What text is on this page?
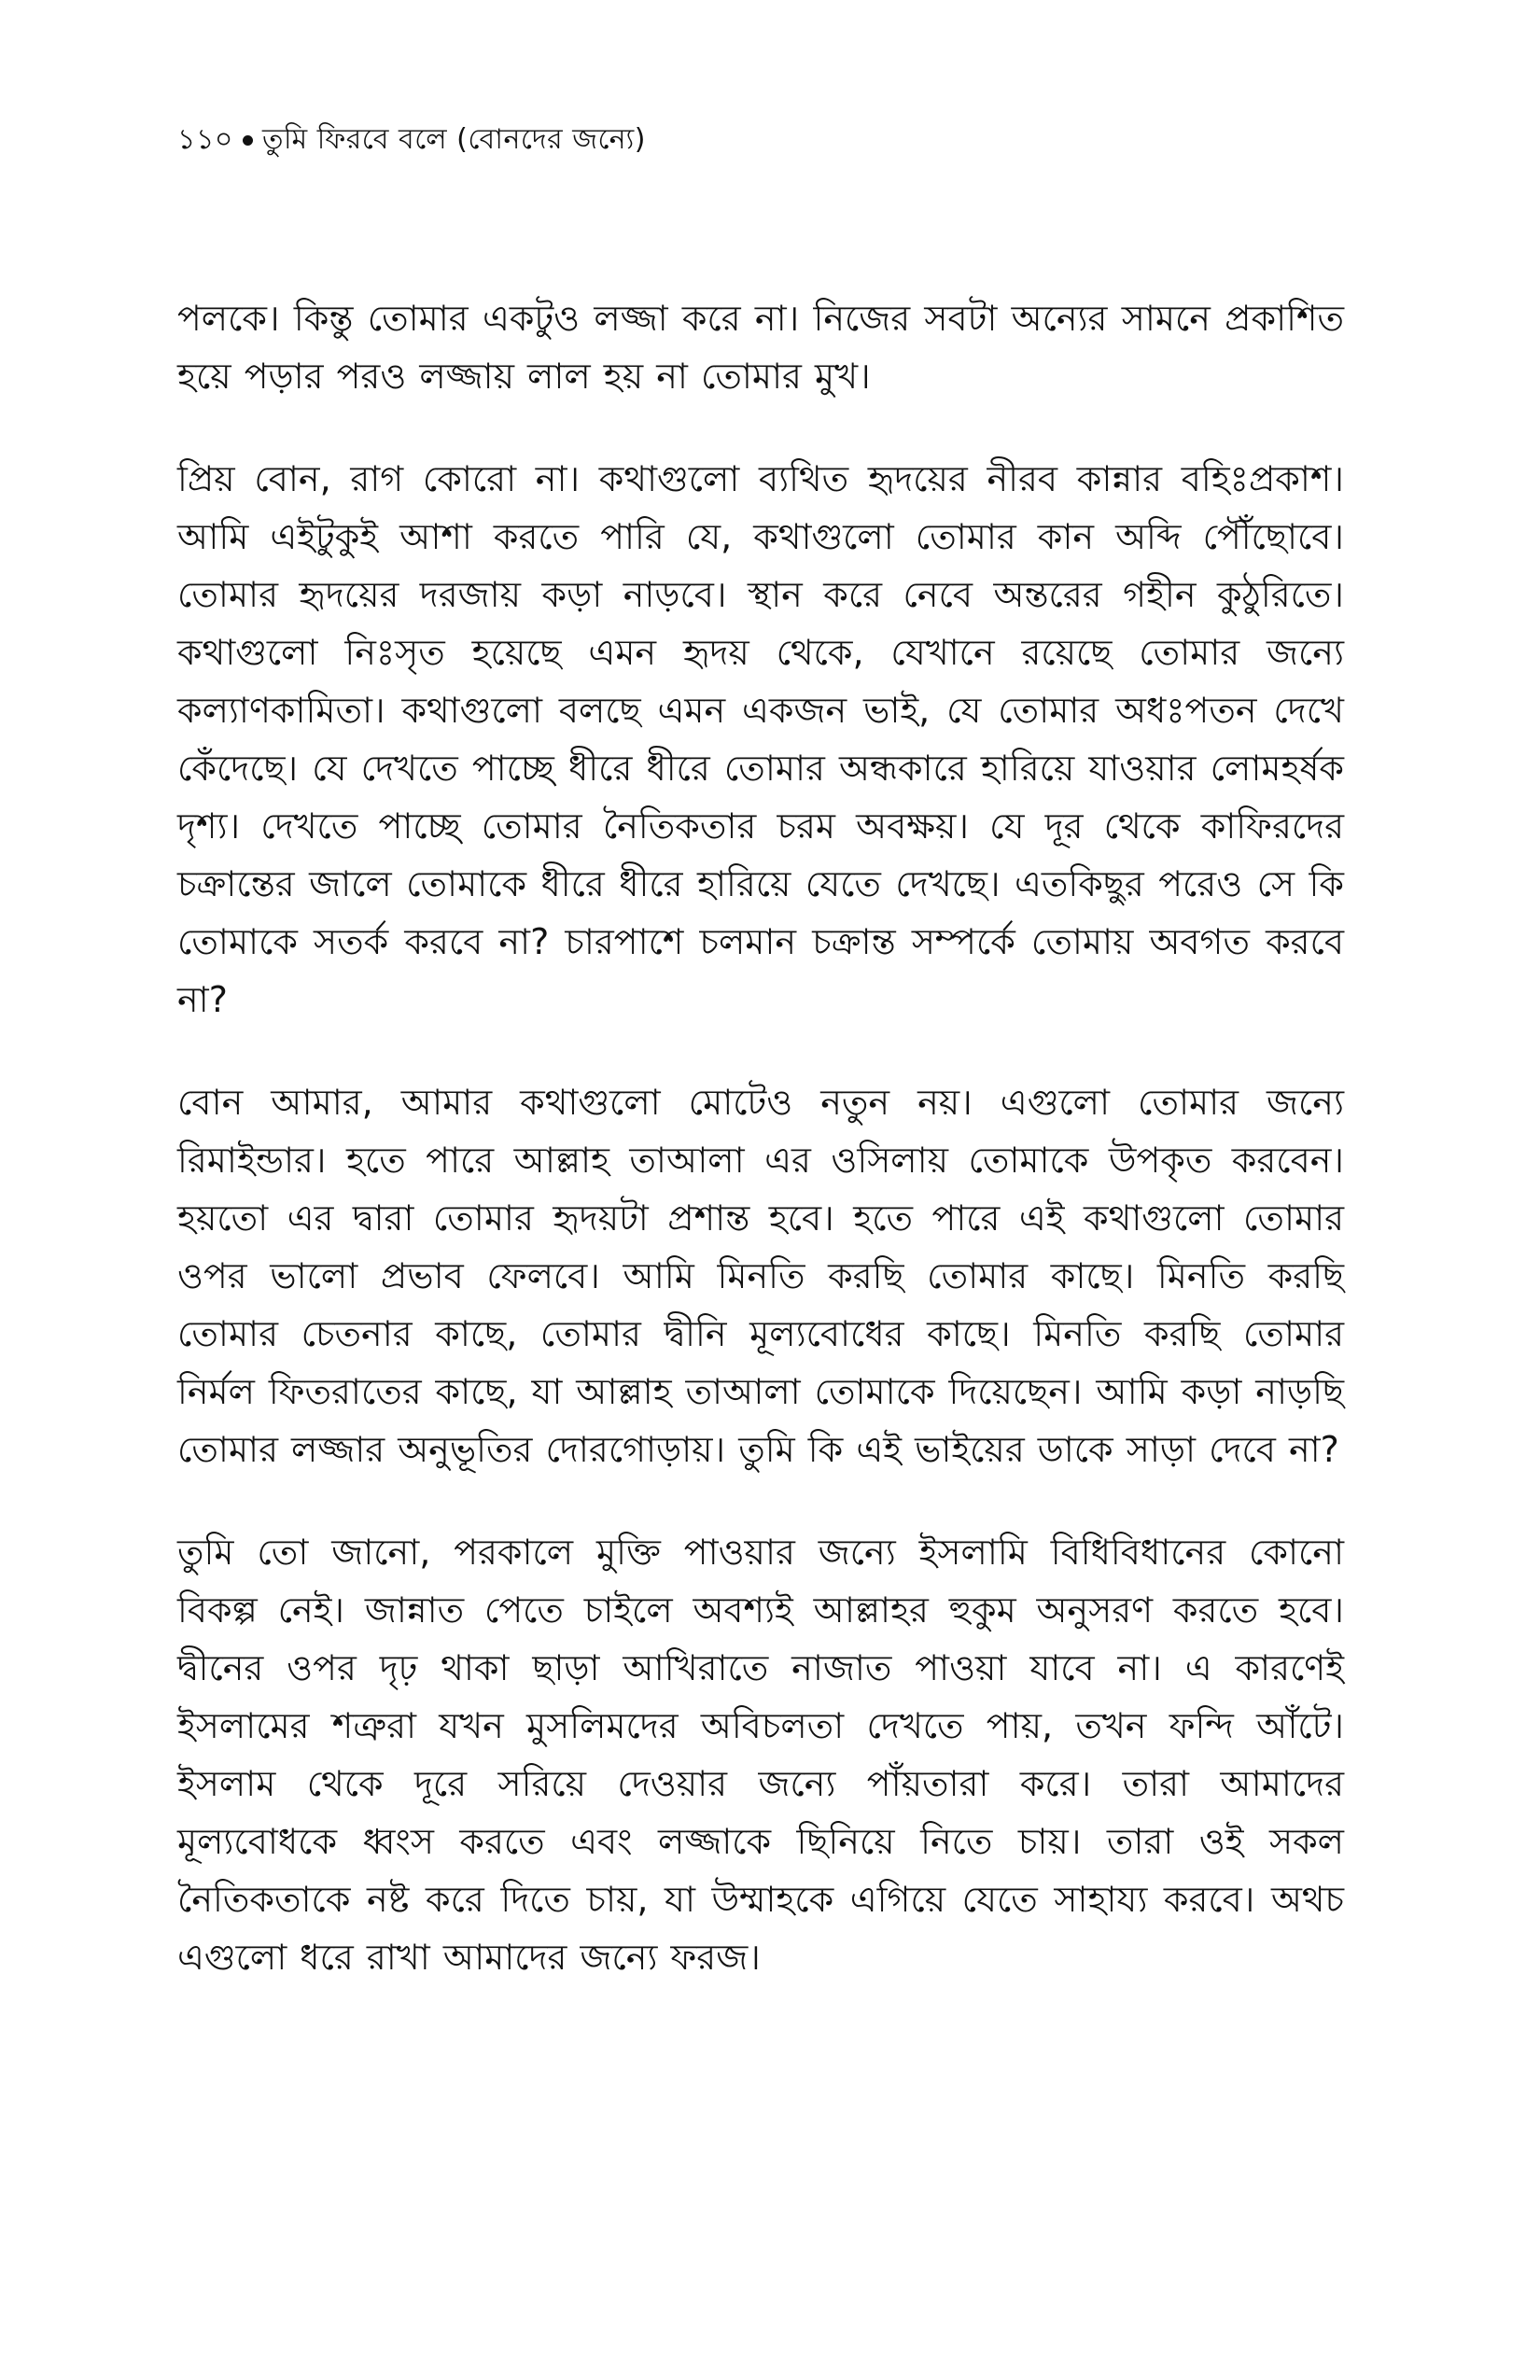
১১০ তুমি ফিরবে বলে (বোনদের জন্যে)

পলকে। কিন্তু তোমার একটুও লজ্জা করে না। নিজের সবটা অন্যের সামনে প্রকাশিত হয়ে পড়ার পরও লজ্জায় লাল হয় না তোমার মুখ।

প্রিয় বোন, রাগ কোরো না। কথাগুলো ব্যথিত হৃদয়ের নীরব কান্নার বহিঃপ্রকাশ। আমি এইটুকুই আশা করতে পারি যে, কথাগুলো তোমার কান অব্দি পৌঁছোবে। তোমার হৃদয়ের দরজায় কড়া নাড়বে। স্থান করে নেবে অন্তরের গহীন কুঠুরিতে। কথাগুলো নিঃসৃত হয়েছে এমন হৃদয় থেকে, যেখানে রয়েছে তোমার জন্যে কল্যাণকামিতা। কথাগুলো বলছে এমন একজন ভাই, যে তোমার অধঃপতন দেখে কেঁদেছে। যে দেখতে পাচ্ছে ধীরে ধীরে তোমার অন্ধকারে হারিয়ে যাওয়ার লোমহর্ষক দৃশ্য। দেখতে পাচ্ছে তোমার নৈতিকতার চরম অবক্ষয়। যে দূর থেকে কাফিরদের চক্রান্তের জালে তোমাকে ধীরে ধীরে হারিয়ে যেতে দেখছে। এতকিছুর পরেও সে কি তোমাকে সতর্ক করবে না? চারপাশে চলমান চক্রান্ত সম্পর্কে তোমায় অবগত করবে না?

বোন আমার, আমার কথাগুলো মোটেও নতুন নয়। এগুলো তোমার জন্যে রিমাইন্ডার। হতে পারে আল্লাহ তাআলা এর ওসিলায় তোমাকে উপকৃত করবেন। হয়তো এর দ্বারা তোমার হৃদয়টা প্রশান্ত হবে। হতে পারে এই কথাগুলো তোমার ওপর ভালো প্রভাব ফেলবে। আমি মিনতি করছি তোমার কাছে। মিনতি করছি তোমার চেতনার কাছে, তোমার দ্বীনি মূল্যবোধের কাছে। মিনতি করছি তোমার নির্মল ফিতরাতের কাছে, যা আল্লাহ তাআলা তোমাকে দিয়েছেন। আমি কড়া নাড়ছি তোমার লজ্জার অনুভূতির দোরগোড়ায়। তুমি কি এই ভাইয়ের ডাকে সাড়া দেবে না?

তুমি তো জানো, পরকালে মুক্তি পাওয়ার জন্যে ইসলামি বিধিবিধানের কোনো বিকল্প নেই। জান্নাত পেতে চাইলে অবশ্যই আল্লাহর হুকুম অনুসরণ করতে হবে। দ্বীনের ওপর দৃঢ় থাকা ছাড়া আখিরাতে নাজাত পাওয়া যাবে না। এ কারণেই ইসলামের শত্রুরা যখন মুসলিমদের অবিচলতা দেখতে পায়, তখন ফন্দি আঁটে। ইসলাম থেকে দূরে সরিয়ে দেওয়ার জন্যে পাঁয়তারা করে। তারা আমাদের মূল্যবোধকে ধ্বংস করতে এবং লজ্জাকে ছিনিয়ে নিতে চায়। তারা ওই সকল নৈতিকতাকে নষ্ট করে দিতে চায়, যা উম্মাহকে এগিয়ে যেতে সাহায্য করবে। অথচ এগুলো ধরে রাখা আমাদের জন্যে ফরজ।
